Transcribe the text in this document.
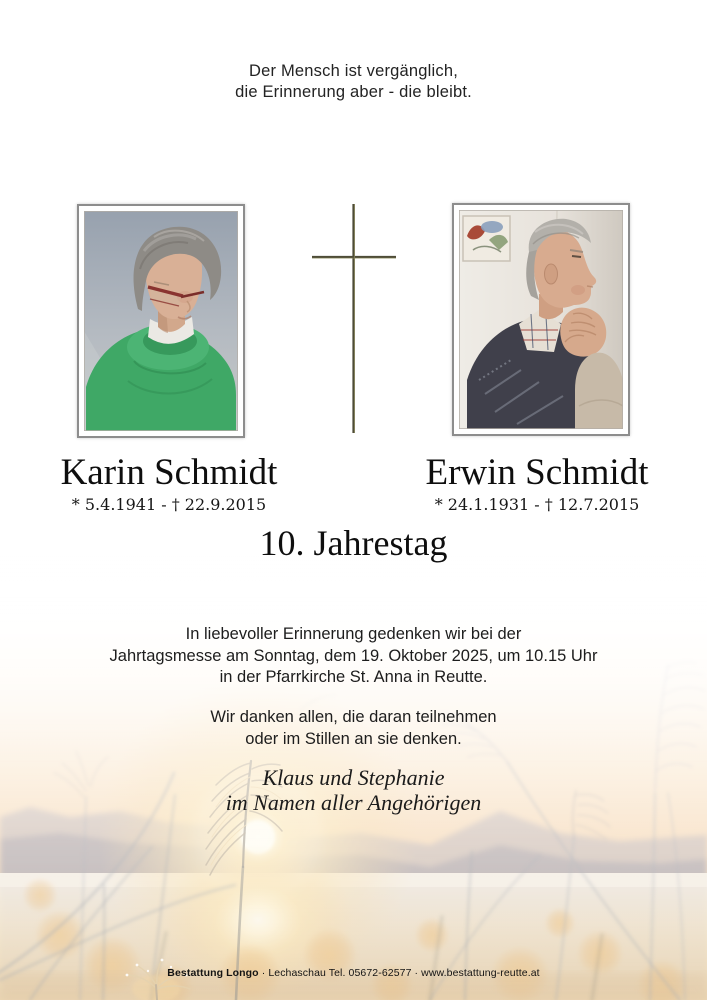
Der Mensch ist vergänglich,
die Erinnerung aber - die bleibt.
Karin Schmidt
* 5.4.1941 - † 22.9.2015
Erwin Schmidt
* 24.1.1931 - † 12.7.2015
10. Jahrestag
In liebevoller Erinnerung gedenken wir bei der
Jahrtagsmesse am Sonntag, dem 19. Oktober 2025, um 10.15 Uhr
in der Pfarrkirche St. Anna in Reutte.
Wir danken allen, die daran teilnehmen
oder im Stillen an sie denken.
Klaus und Stephanie
im Namen aller Angehörigen
Bestattung Longo · Lechaschau Tel. 05672-62577 · www.bestattung-reutte.at
